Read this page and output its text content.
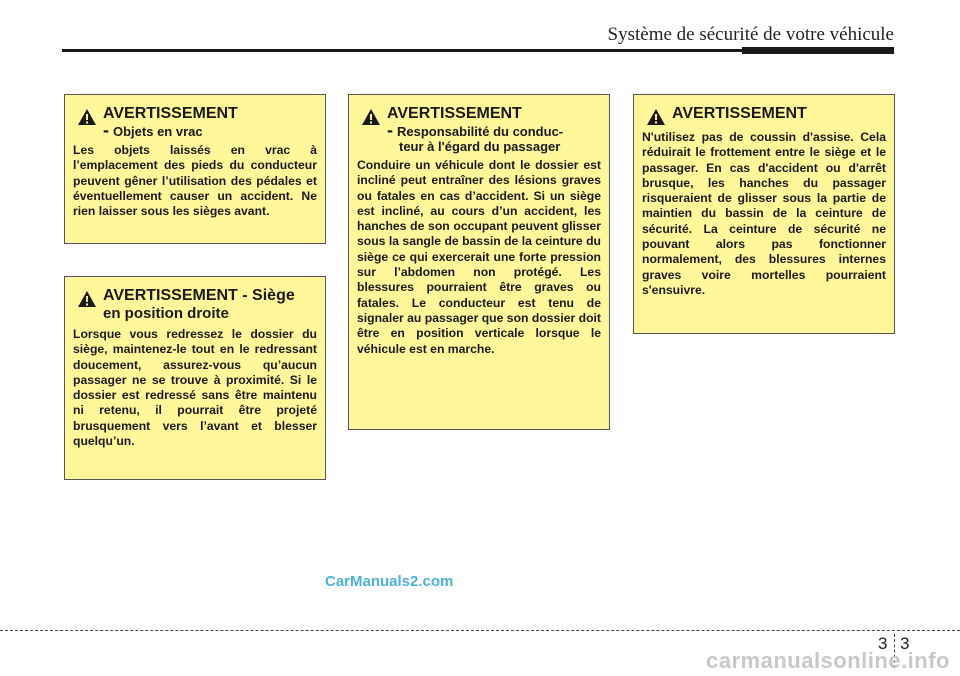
Système de sécurité de votre véhicule
AVERTISSEMENT
- Objets en vrac
Les objets laissés en vrac à l’emplacement des pieds du conducteur peuvent gêner l’utilisation des pédales et éventuellement causer un accident. Ne rien laisser sous les sièges avant.
AVERTISSEMENT - Siège
en position droite
Lorsque vous redressez le dossier du siège, maintenez-le tout en le redressant doucement, assurez-vous qu’aucun passager ne se trouve à proximité. Si le dossier est redressé sans être maintenu ni retenu, il pourrait être projeté brusquement vers l’avant et blesser quelqu’un.
AVERTISSEMENT
- Responsabilité du conduc-
teur à l'égard du passager
Conduire un véhicule dont le dossier est incliné peut entraîner des lésions graves ou fatales en cas d’accident. Si un siège est incliné, au cours d’un accident, les hanches de son occupant peuvent glisser sous la sangle de bassin de la ceinture du siège ce qui exercerait une forte pression sur l’abdomen non protégé. Les blessures pourraient être graves ou fatales. Le conducteur est tenu de signaler au passager que son dossier doit être en position verticale lorsque le véhicule est en marche.
AVERTISSEMENT
N'utilisez pas de coussin d'assise. Cela réduirait le frottement entre le siège et le passager. En cas d'accident ou d'arrêt brusque, les hanches du passager risqueraient de glisser sous la partie de maintien du bassin de la ceinture de sécurité. La ceinture de sécurité ne pouvant alors pas fonctionner normalement, des blessures internes graves voire mortelles pourraient s'ensuivre.
CarManuals2.com
3 3
carmanualsonline.info
